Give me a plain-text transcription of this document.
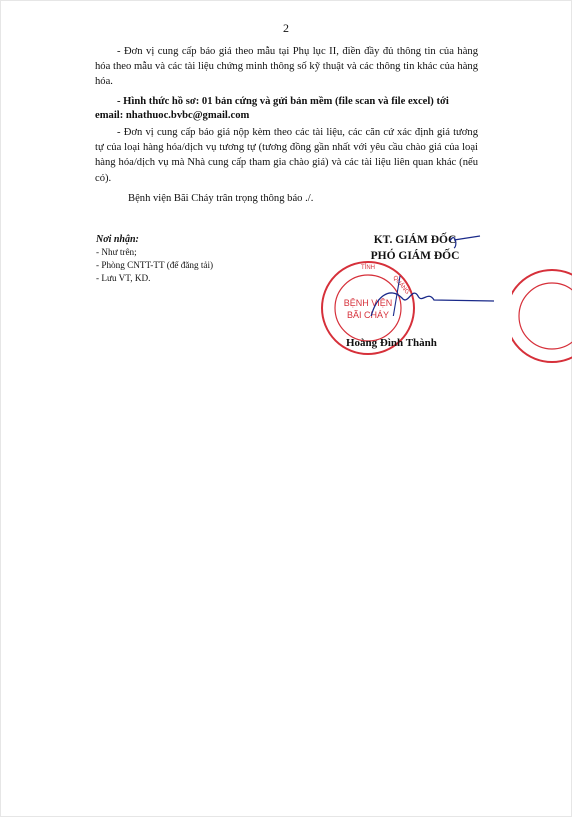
2

- Đơn vị cung cấp báo giá theo mẫu tại Phụ lục II, điền đầy đủ thông tin của hàng hóa theo mẫu và các tài liệu chứng minh thông số kỹ thuật và các thông tin khác của hàng hóa.

- Hình thức hồ sơ: 01 bản cứng và gửi bản mềm (file scan và file excel) tới

email: nhathuoc.bvbc@gmail.com

- Đơn vị cung cấp báo giá nộp kèm theo các tài liệu, các căn cứ xác định giá tương tự của loại hàng hóa/dịch vụ tương tự (tương đồng gần nhất với yêu cầu chào giá của loại hàng hóa/dịch vụ mà Nhà cung cấp tham gia chào giá) và các tài liệu liên quan khác (nếu có).

Bệnh viện Bãi Cháy trân trọng thông báo ./.
Nơi nhận:
- Như trên;
- Phòng CNTT-TT (để đăng tải)
- Lưu VT, KD.
KT. GIÁM ĐỐC
PHÓ GIÁM ĐỐC
TỈNH
QUẢNG
BỆNH VIỆN
BÃI CHÁY
Hoàng Đình Thành
